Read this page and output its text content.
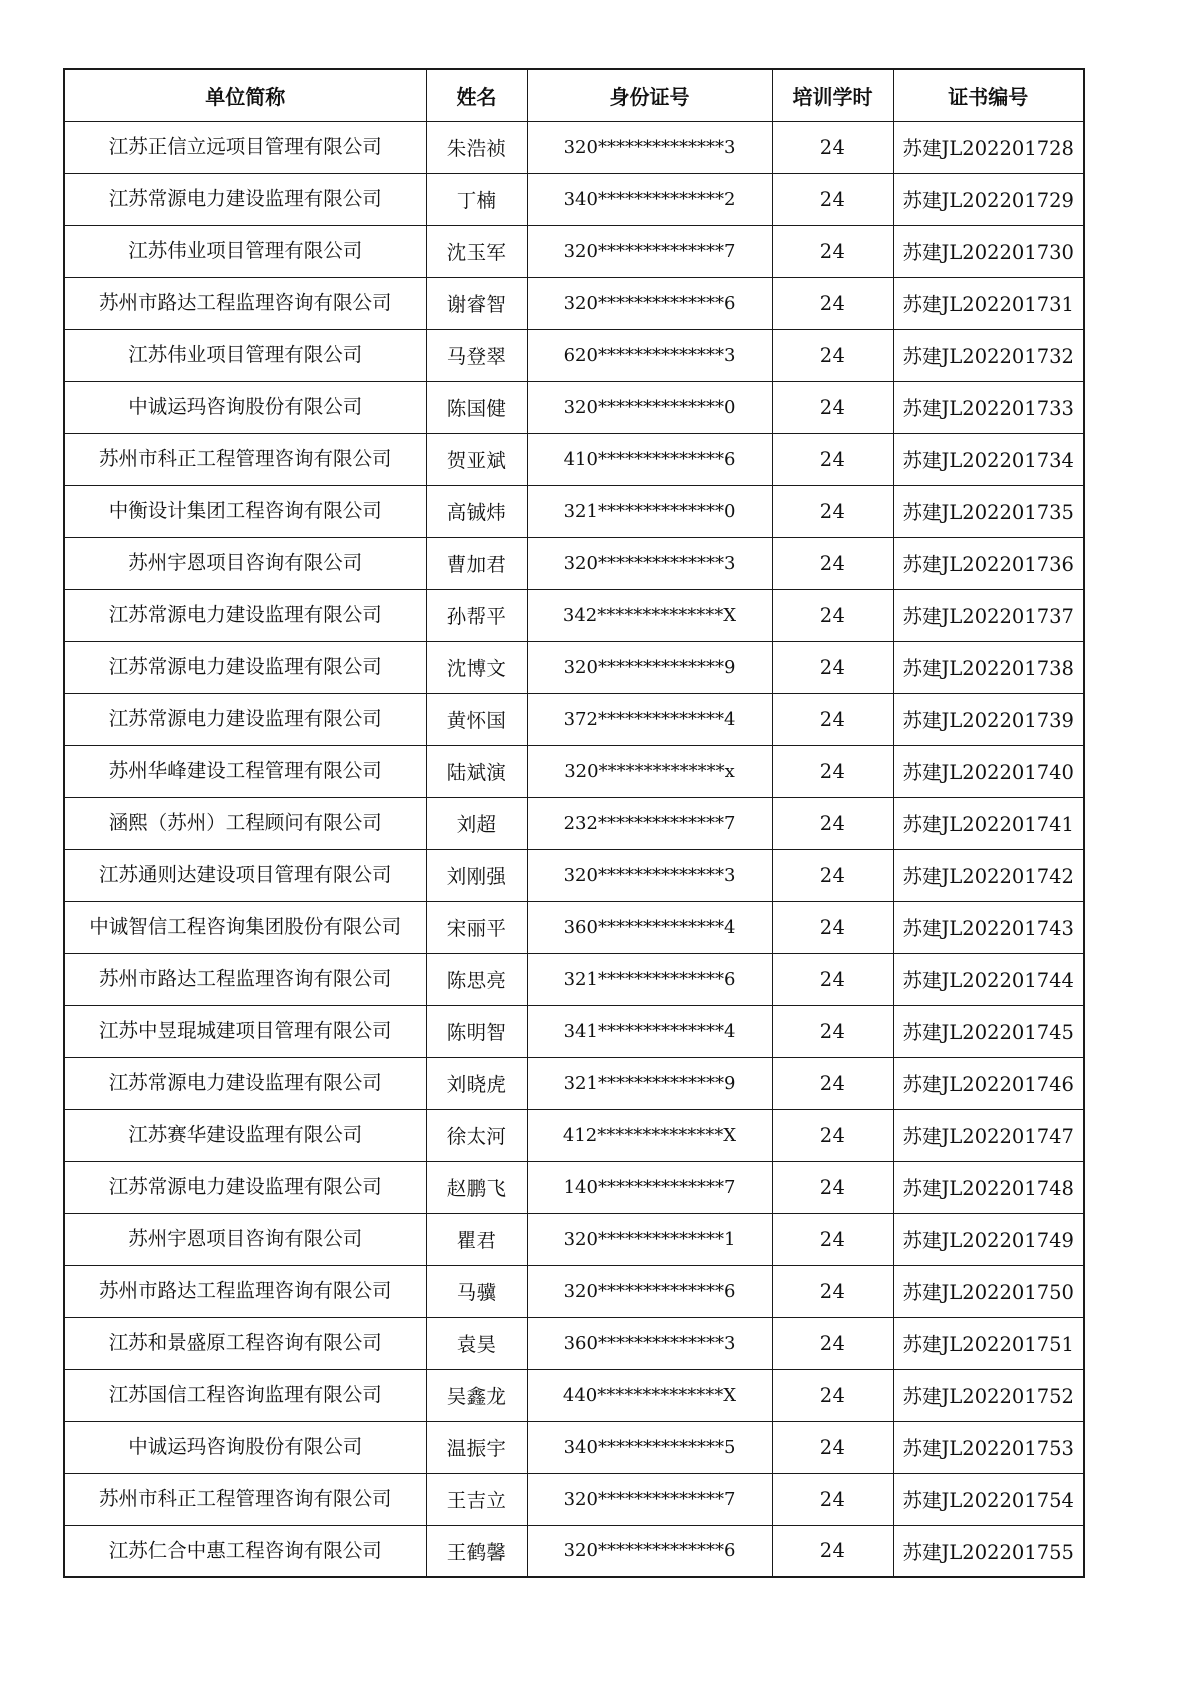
单位简称	姓名	身份证号	培训学时	证书编号
江苏正信立远项目管理有限公司	朱浩祯	320**************3	24	苏建JL202201728
江苏常源电力建设监理有限公司	丁楠	340**************2	24	苏建JL202201729
江苏伟业项目管理有限公司	沈玉军	320**************7	24	苏建JL202201730
苏州市路达工程监理咨询有限公司	谢睿智	320**************6	24	苏建JL202201731
江苏伟业项目管理有限公司	马登翠	620**************3	24	苏建JL202201732
中诚运玛咨询股份有限公司	陈国健	320**************0	24	苏建JL202201733
苏州市科正工程管理咨询有限公司	贺亚斌	410**************6	24	苏建JL202201734
中衡设计集团工程咨询有限公司	高铖炜	321**************0	24	苏建JL202201735
苏州宇恩项目咨询有限公司	曹加君	320**************3	24	苏建JL202201736
江苏常源电力建设监理有限公司	孙帮平	342**************X	24	苏建JL202201737
江苏常源电力建设监理有限公司	沈博文	320**************9	24	苏建JL202201738
江苏常源电力建设监理有限公司	黄怀国	372**************4	24	苏建JL202201739
苏州华峰建设工程管理有限公司	陆斌演	320**************x	24	苏建JL202201740
涵熙（苏州）工程顾问有限公司	刘超	232**************7	24	苏建JL202201741
江苏通则达建设项目管理有限公司	刘刚强	320**************3	24	苏建JL202201742
中诚智信工程咨询集团股份有限公司	宋丽平	360**************4	24	苏建JL202201743
苏州市路达工程监理咨询有限公司	陈思亮	321**************6	24	苏建JL202201744
江苏中昱琨城建项目管理有限公司	陈明智	341**************4	24	苏建JL202201745
江苏常源电力建设监理有限公司	刘晓虎	321**************9	24	苏建JL202201746
江苏赛华建设监理有限公司	徐太河	412**************X	24	苏建JL202201747
江苏常源电力建设监理有限公司	赵鹏飞	140**************7	24	苏建JL202201748
苏州宇恩项目咨询有限公司	瞿君	320**************1	24	苏建JL202201749
苏州市路达工程监理咨询有限公司	马骥	320**************6	24	苏建JL202201750
江苏和景盛原工程咨询有限公司	袁昊	360**************3	24	苏建JL202201751
江苏国信工程咨询监理有限公司	吴鑫龙	440**************X	24	苏建JL202201752
中诚运玛咨询股份有限公司	温振宇	340**************5	24	苏建JL202201753
苏州市科正工程管理咨询有限公司	王吉立	320**************7	24	苏建JL202201754
江苏仁合中惠工程咨询有限公司	王鹤馨	320**************6	24	苏建JL202201755
